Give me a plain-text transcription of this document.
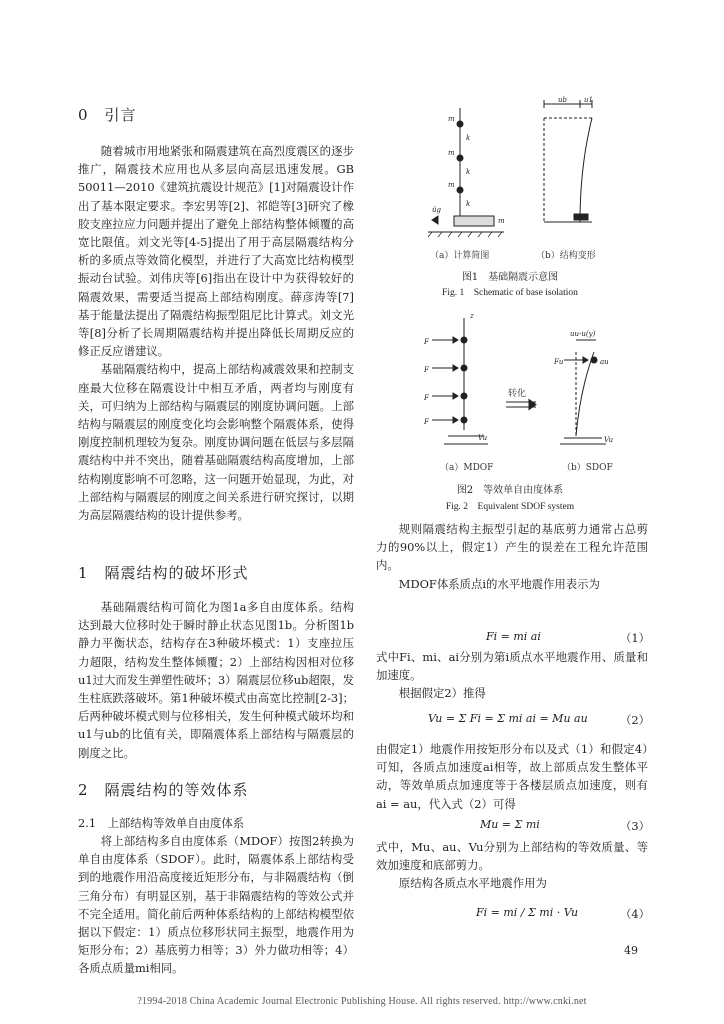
0　引言

随着城市用地紧张和隔震建筑在高烈度震区的逐步推广，隔震技术应用也从多层向高层迅速发展。GB 50011—2010《建筑抗震设计规范》[1]对隔震设计作出了基本限定要求。李宏男等[2]、祁皑等[3]研究了橡胶支座拉应力问题并提出了避免上部结构整体倾覆的高宽比限值。刘文光等[4-5]提出了用于高层隔震结构分析的多质点等效简化模型，并进行了大高宽比结构模型振动台试验。刘伟庆等[6]指出在设计中为获得较好的隔震效果，需要适当提高上部结构刚度。薛彦涛等[7]基于能量法提出了隔震结构振型阻尼比计算式。刘文光等[8]分析了长周期隔震结构并提出降低长周期反应的修正反应谱建议。

基础隔震结构中，提高上部结构减震效果和控制支座最大位移在隔震设计中相互矛盾，两者均与刚度有关，可归纳为上部结构与隔震层的刚度协调问题。上部结构与隔震层的刚度变化均会影响整个隔震体系，使得刚度控制机理较为复杂。刚度协调问题在低层与多层隔震结构中并不突出，随着基础隔震结构高度增加，上部结构刚度影响不可忽略，这一问题开始显现，为此，对上部结构与隔震层的刚度之间关系进行研究探讨，以期为高层隔震结构的设计提供参考。

1　隔震结构的破坏形式

基础隔震结构可简化为图1a多自由度体系。结构达到最大位移时处于瞬时静止状态见图1b。分析图1b静力平衡状态，结构存在3种破坏模式：1）支座拉压力超限，结构发生整体倾覆；2）上部结构因相对位移u1过大而发生弹塑性破坏；3）隔震层位移ub超限，发生柱底跌落破坏。第1种破坏模式由高宽比控制[2-3]；后两种破坏模式则与位移相关，发生何种模式破坏均和u1与ub的比值有关，即隔震体系上部结构与隔震层的刚度之比。

2　隔震结构的等效体系
2.1　上部结构等效单自由度体系

将上部结构多自由度体系（MDOF）按图2转换为单自由度体系（SDOF）。此时，隔震体系上部结构受到的地震作用沿高度接近矩形分布，与非隔震结构（倒三角分布）有明显区别，基于非隔震结构的等效公式并不完全适用。简化前后两种体系结构的上部结构模型依据以下假定：1）质点位移形状同主振型，地震作用为矩形分布；2）基底剪力相等；3）外力做功相等；4）各质点质量mi相同。

m
m
m
m
k
k
k
üg
ub u1
（a）计算简图	（b）结构变形
图1　基础隔震示意图
Fig. 1　Schematic of base isolation
F
F
F
F
z
Vu
Fu	au
uu-u(y)
Vu
转化
（a）MDOF	（b）SDOF
图2　等效单自由度体系
Fig. 2　Equivalent SDOF system

规则隔震结构主振型引起的基底剪力通常占总剪力的90%以上，假定1）产生的误差在工程允许范围内。

MDOF体系质点i的水平地震作用表示为

Fi = mi ai	（1）

式中Fi、mi、ai分别为第i质点水平地震作用、质量和加速度。

根据假定2）推得

Vu = Σ Fi = Σ mi ai = Mu au	（2）

由假定1）地震作用按矩形分布以及式（1）和假定4）可知，各质点加速度ai相等，故上部质点发生整体平动，等效单质点加速度等于各楼层质点加速度，则有ai = au，代入式（2）可得

Mu = Σ mi	（3）

式中，Mu、au、Vu分别为上部结构的等效质量、等效加速度和底部剪力。

原结构各质点水平地震作用为

Fi = mi / Σ mi · Vu	（4）
49
?1994-2018 China Academic Journal Electronic Publishing House. All rights reserved. http://www.cnki.net
